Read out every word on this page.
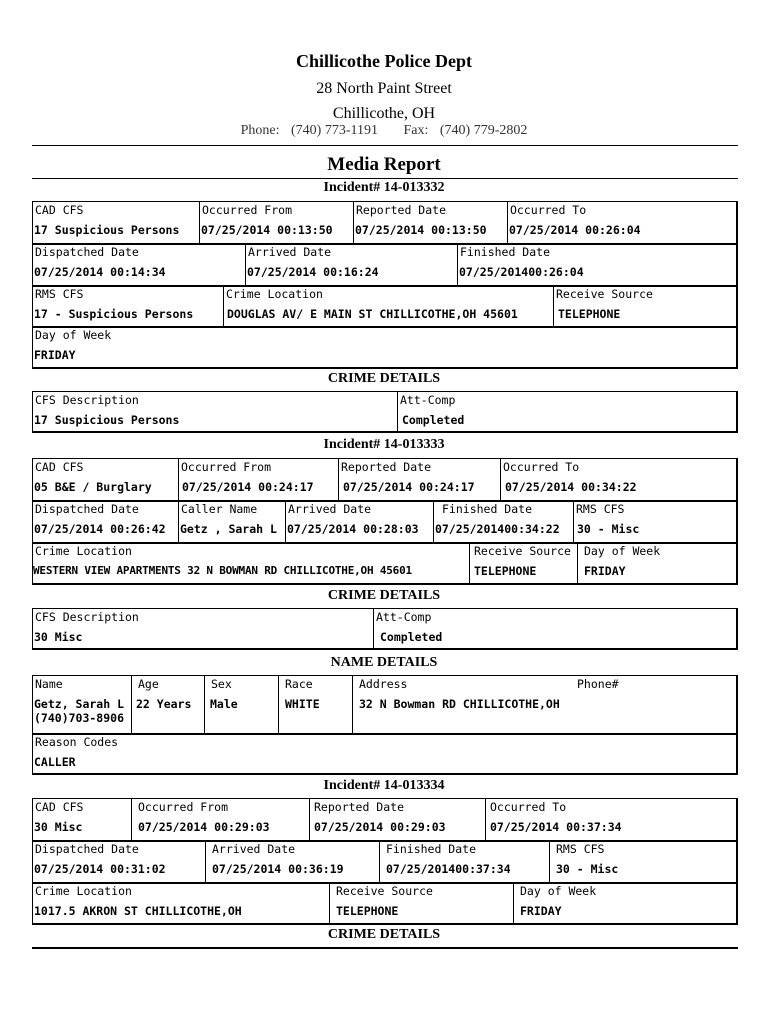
Chillicothe Police Dept
28 North Paint Street
Chillicothe, OH
Phone: (740) 773-1191 Fax: (740) 779-2802
Media Report
Incident# 14-013332
CAD CFS
17 Suspicious Persons
Occurred From
07/25/2014 00:13:50
Reported Date
07/25/2014 00:13:50
Occurred To
07/25/2014 00:26:04
Dispatched Date
07/25/2014 00:14:34
Arrived Date
07/25/2014 00:16:24
Finished Date
07/25/201400:26:04
RMS CFS
17 - Suspicious Persons
Crime Location
DOUGLAS AV/ E MAIN ST CHILLICOTHE,OH 45601
Receive Source
TELEPHONE
Day of Week
FRIDAY
CRIME DETAILS
CFS Description
17 Suspicious Persons
Att-Comp
Completed
Incident# 14-013333
CAD CFS
05 B&E / Burglary
Occurred From
07/25/2014 00:24:17
Reported Date
07/25/2014 00:24:17
Occurred To
07/25/2014 00:34:22
Dispatched Date
07/25/2014 00:26:42
Caller Name
Getz , Sarah L
Arrived Date
07/25/2014 00:28:03
Finished Date
07/25/201400:34:22
RMS CFS
30 - Misc
Crime Location
WESTERN VIEW APARTMENTS 32 N BOWMAN RD CHILLICOTHE,OH 45601
Receive Source
TELEPHONE
Day of Week
FRIDAY
CRIME DETAILS
CFS Description
30 Misc
Att-Comp
Completed
NAME DETAILS
Name
Getz, Sarah L
(740)703-8906
Age
22 Years
Sex
Male
Race
WHITE
Address
32 N Bowman RD CHILLICOTHE,OH
Phone#
Reason Codes
CALLER
Incident# 14-013334
CAD CFS
30 Misc
Occurred From
07/25/2014 00:29:03
Reported Date
07/25/2014 00:29:03
Occurred To
07/25/2014 00:37:34
Dispatched Date
07/25/2014 00:31:02
Arrived Date
07/25/2014 00:36:19
Finished Date
07/25/201400:37:34
RMS CFS
30 - Misc
Crime Location
1017.5 AKRON ST CHILLICOTHE,OH
Receive Source
TELEPHONE
Day of Week
FRIDAY
CRIME DETAILS
